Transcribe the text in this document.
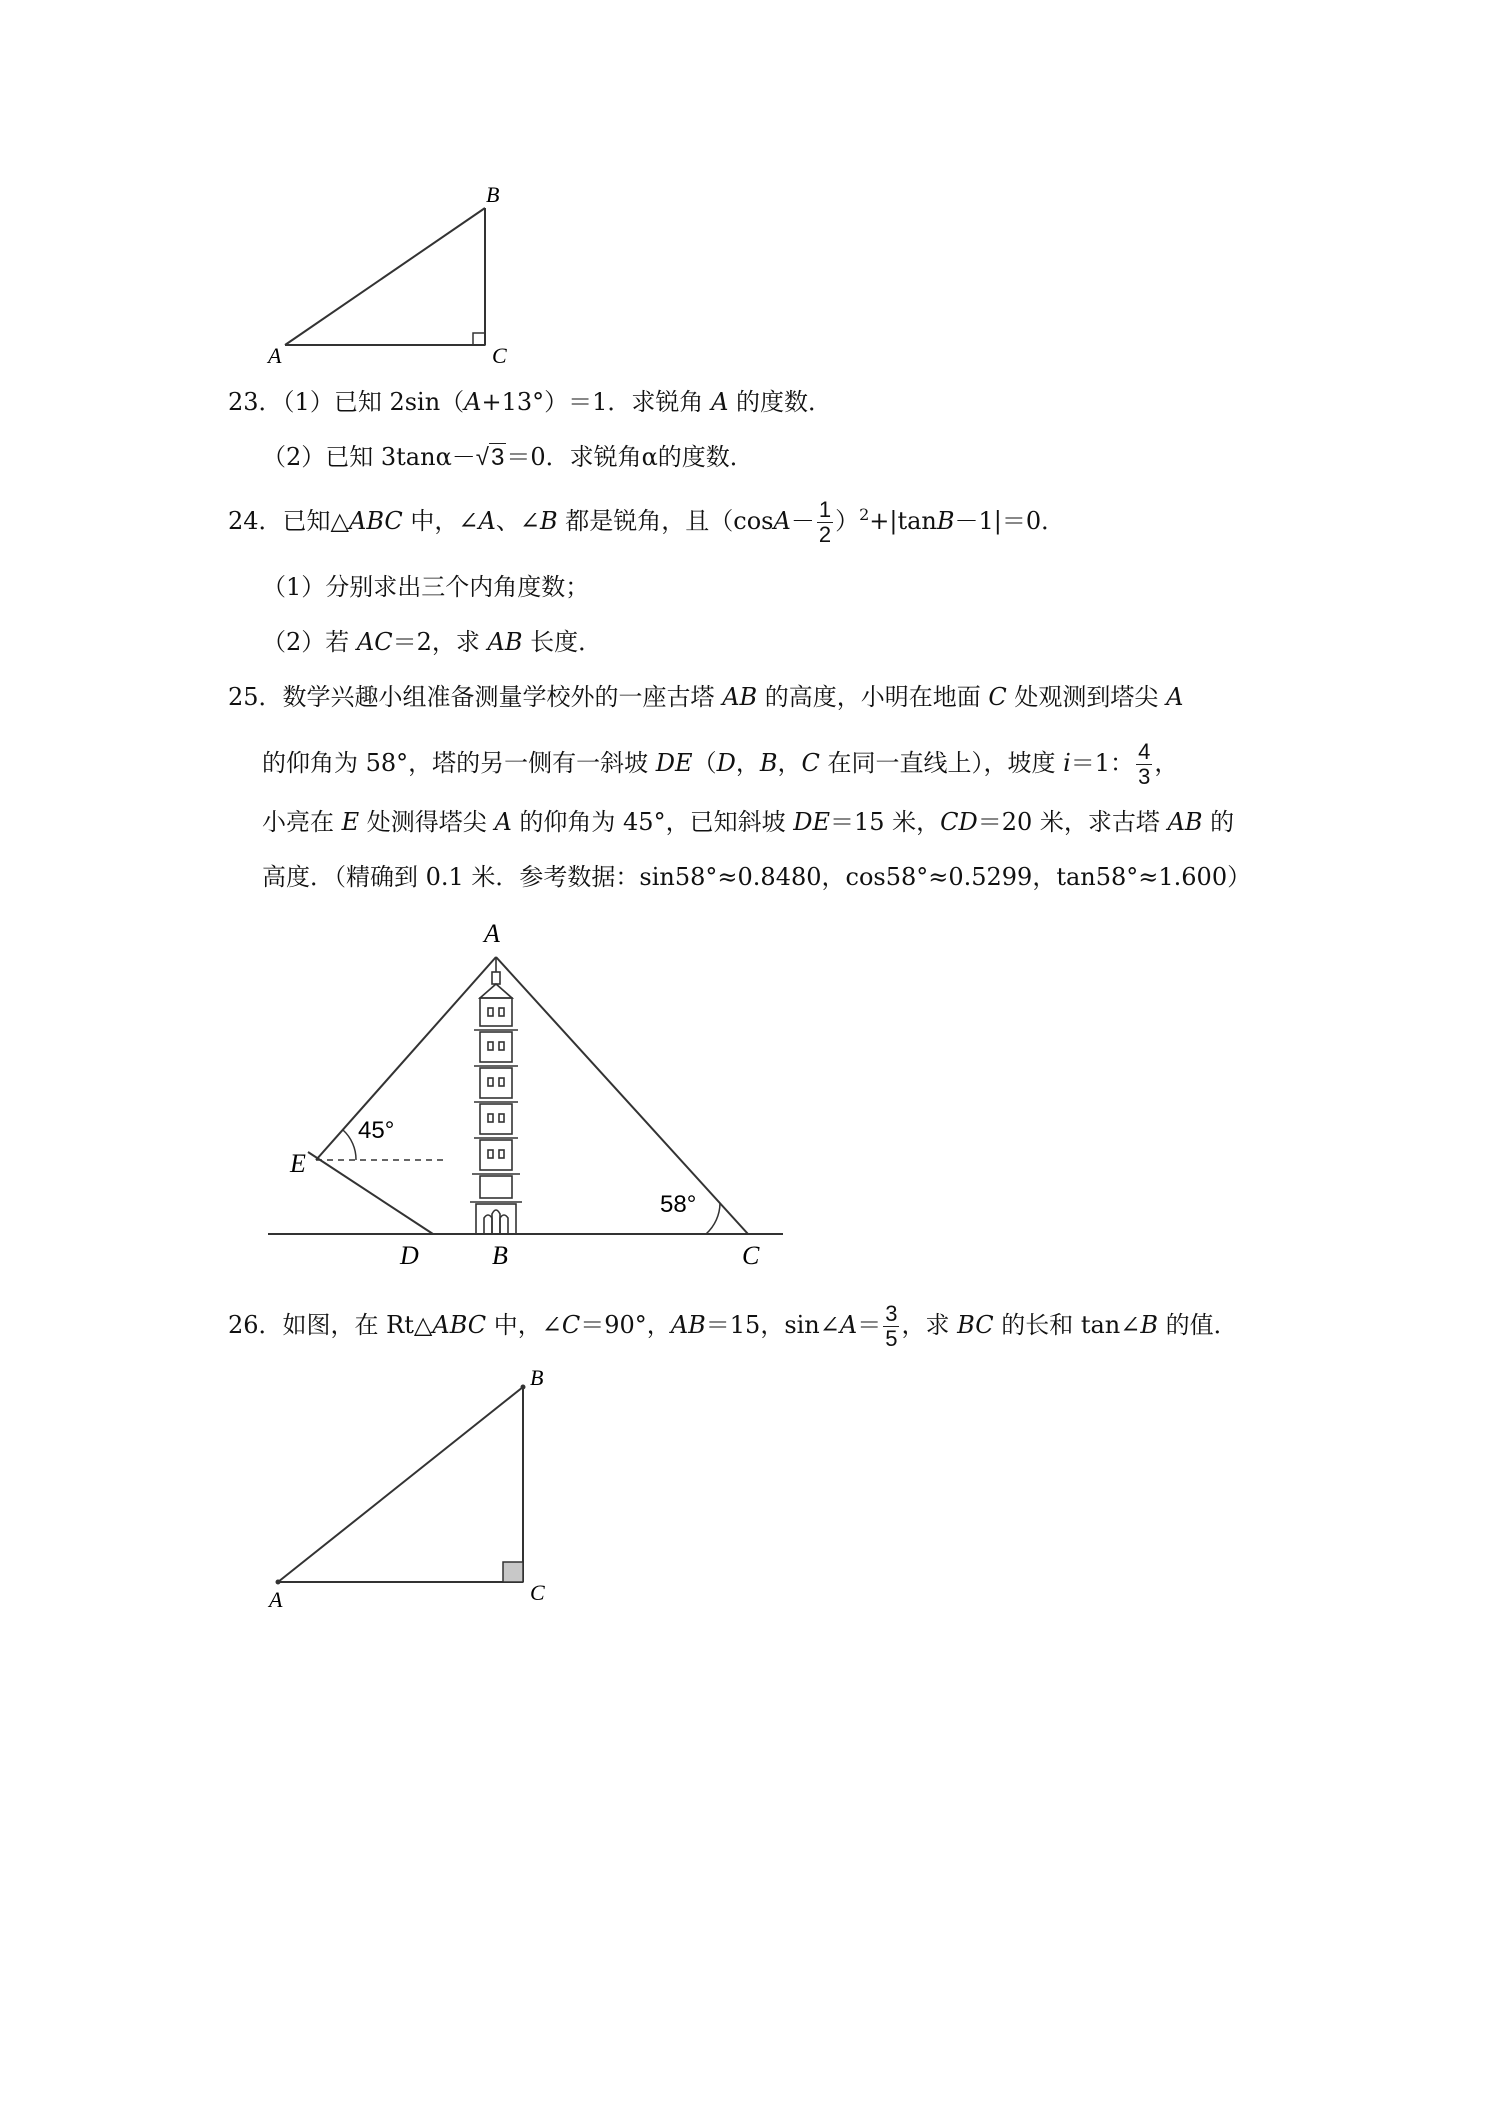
A
B
C
23．（1）已知 2sin（A+13°）＝1．求锐角 A 的度数．
（2）已知 3tanα－√3＝0．求锐角α的度数．
24．已知△ABC 中，∠A、∠B 都是锐角，且$(\cos A- \frac{1}{2} )^2+|\tan B-1|=0$．
（1）分别求出三个内角度数；
（2）若 AC＝2，求 AB 长度．
25．数学兴趣小组准备测量学校外的一座古塔 AB 的高度，小明在地面 C 处观测到塔尖 A
的仰角为 58°，塔的另一侧有一斜坡 DE（D，B，C 在同一直线上），坡度 i＝1： $\frac{4}{3}$ ，
小亮在 E 处测得塔尖 A 的仰角为 45°，已知斜坡 DE＝15 米，CD＝20 米，求古塔 AB 的
高度．（精确到 0.1 米．参考数据：sin58°≈0.8480，cos58°≈0.5299，tan58°≈1.600）
45°
58°
A
E
D	B	C
26．如图，在 Rt△ABC 中，∠C＝90°，AB＝15，sin∠A＝ $\frac{3}{5}$ ，求 BC 的长和 tan∠B 的值．
A
B
C
